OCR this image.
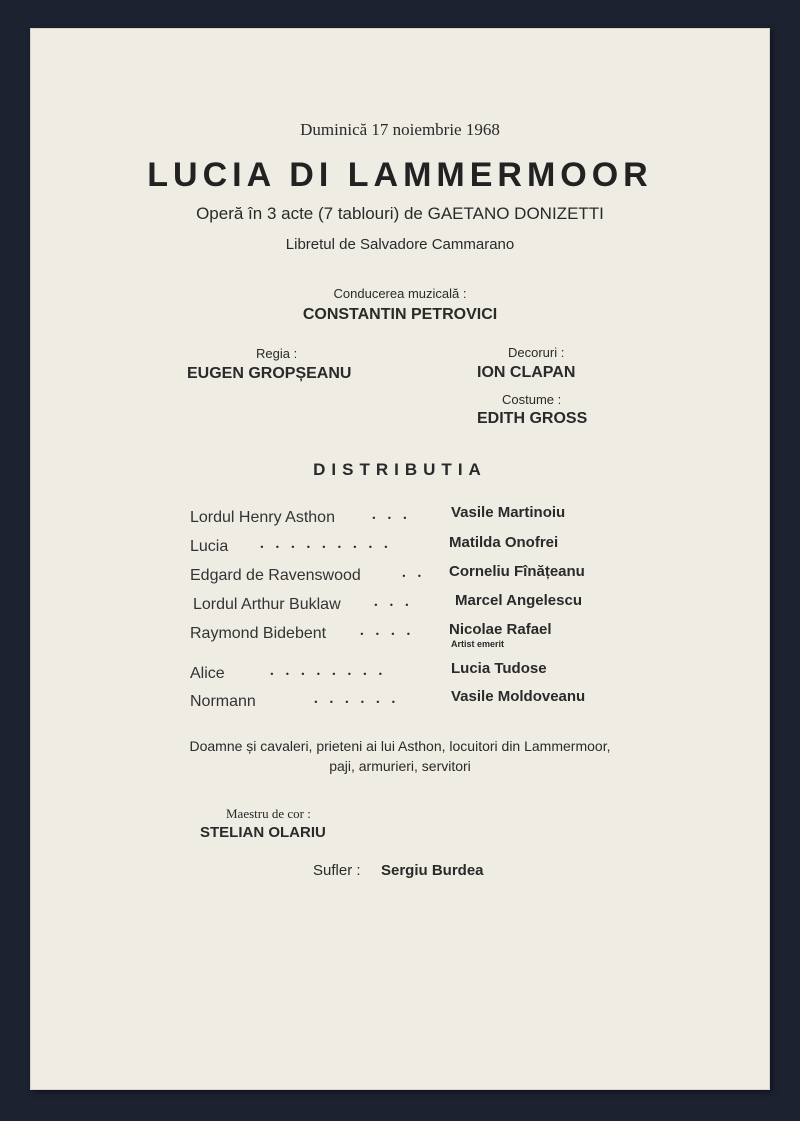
Duminică 17 noiembrie 1968
LUCIA DI LAMMERMOOR
Operă în 3 acte (7 tablouri) de GAETANO DONIZETTI
Libretul de Salvadore Cammarano
Conducerea muzicală :
CONSTANTIN PETROVICI
Regia :
EUGEN GROPȘEANU
Decoruri :
ION CLAPAN
Costume :
EDITH GROSS
DISTRIBUTIA
Lordul Henry Asthon . . .	Vasile Martinoiu
Lucia . . . . . . . . .	Matilda Onofrei
Edgard de Ravenswood	. . Corneliu Fînățeanu
Lordul Arthur Buklaw . . .	Marcel Angelescu
Raymond Bidebent . . . . Nicolae Rafael
Artist emerit
Alice	. . . . . . . .	Lucia Tudose
Normann	. . . . . .	Vasile Moldoveanu
Doamne și cavaleri, prieteni ai lui Asthon, locuitori din Lammermoor,
paji, armurieri, servitori
Maestru de cor :
STELIAN OLARIU
Sufler : Sergiu Burdea
